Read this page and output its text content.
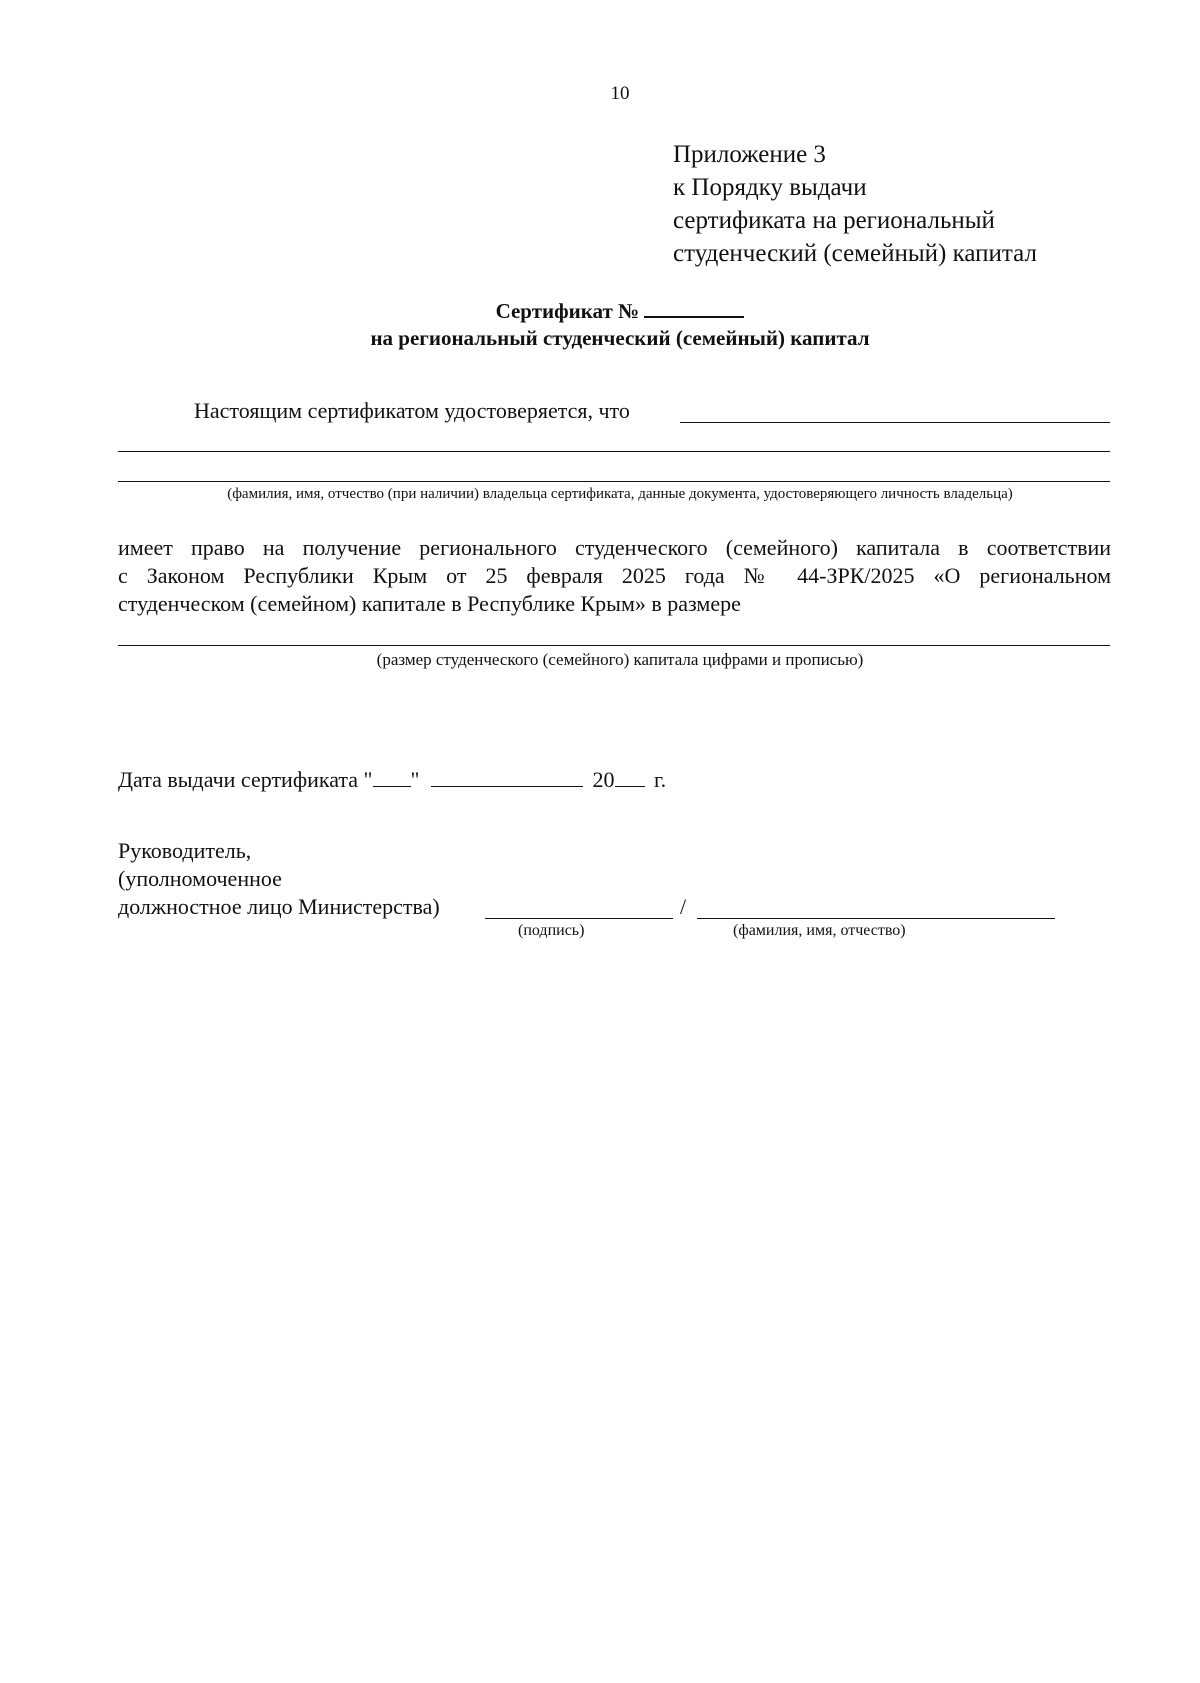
10
Приложение 3
к Порядку выдачи
сертификата на региональный
студенческий (семейный) капитал
Сертификат №
на региональный студенческий (семейный) капитал
Настоящим сертификатом удостоверяется, что
(фамилия, имя, отчество (при наличии) владельца сертификата, данные документа, удостоверяющего личность владельца)
имеет право на получение регионального студенческого (семейного) капитала в соответствии
с Законом Республики Крым от 25 февраля 2025 года № 44-ЗРК/2025 «О региональном
студенческом (семейном) капитале в Республике Крым» в размере
(размер студенческого (семейного) капитала цифрами и прописью)
Дата выдачи сертификата " "	20 г.
Руководитель,
(уполномоченное
должностное лицо Министерства)	/
(подпись)	(фамилия, имя, отчество)
